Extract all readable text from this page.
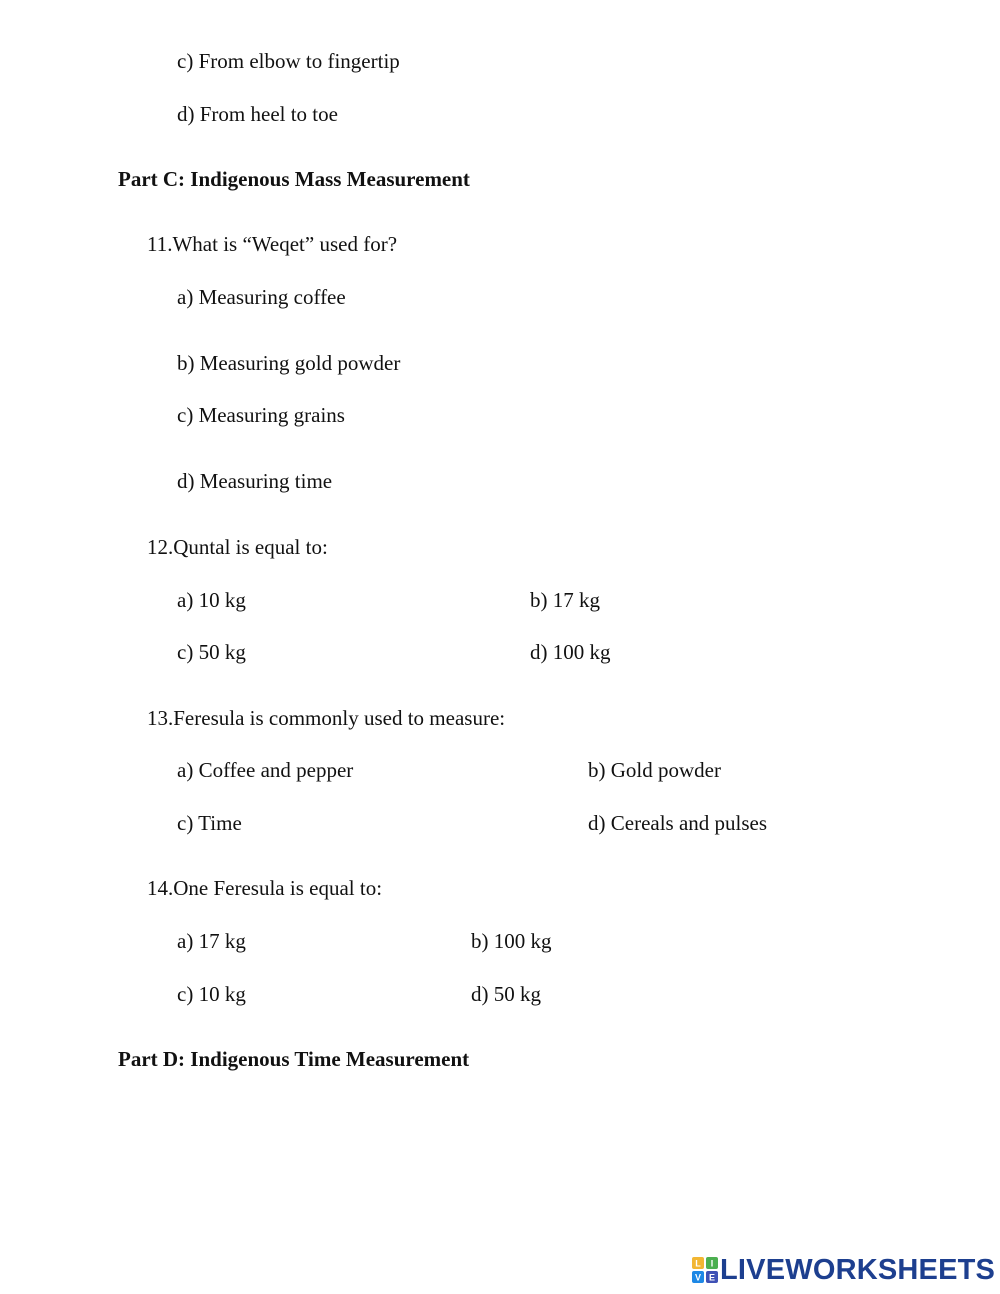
c) From elbow to fingertip

d) From heel to toe

Part C: Indigenous Mass Measurement

11.What is “Weqet” used for?

a) Measuring coffee

b) Measuring gold powder

c) Measuring grains

d) Measuring time

12.Quntal is equal to:

a) 10 kg	b) 17 kg

c) 50 kg	d) 100 kg

13.Feresula is commonly used to measure:

a) Coffee and pepper	b) Gold powder

c) Time	d) Cereals and pulses

14.One Feresula is equal to:

a) 17 kg	b) 100 kg

c) 10 kg	d) 50 kg

Part D: Indigenous Time Measurement

L I
V E LIVEWORKSHEETS
